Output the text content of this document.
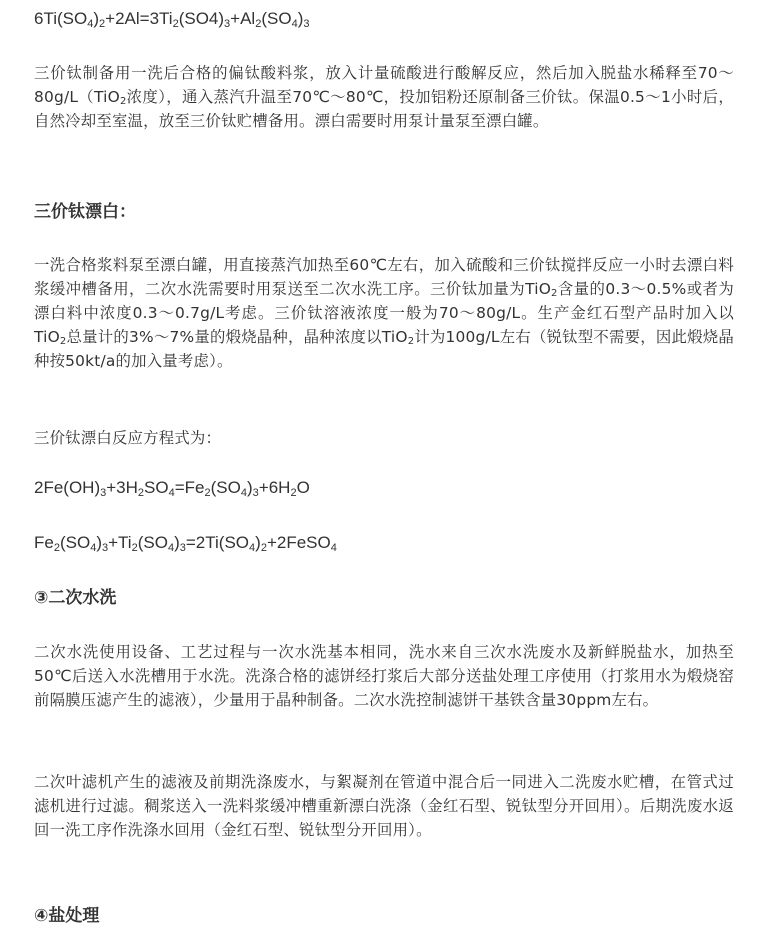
$6Ti(SO_4)_2+2Al=3Ti_2(SO4)_3+Al_2(SO_4)_3$

三价钛制备用一洗后合格的偏钛酸料浆，放入计量硫酸进行酸解反应，然后加入脱盐水稀释至70～80g/L（TiO$_2$浓度），通入蒸汽升温至70℃～80℃，投加铝粉还原制备三价钛。保温0.5～1小时后，自然冷却至室温，放至三价钛贮槽备用。漂白需要时用泵计量泵至漂白罐。

三价钛漂白：

一洗合格浆料泵至漂白罐，用直接蒸汽加热至60℃左右，加入硫酸和三价钛搅拌反应一小时去漂白料浆缓冲槽备用，二次水洗需要时用泵送至二次水洗工序。三价钛加量为TiO$_2$含量的0.3～0.5%或者为漂白料中浓度0.3～0.7g/L考虑。三价钛溶液浓度一般为70～80g/L。生产金红石型产品时加入以TiO$_2$总量计的3%～7%量的煅烧晶种，晶种浓度以TiO$_2$计为100g/L左右（锐钛型不需要，因此煅烧晶种按50kt/a的加入量考虑）。

三价钛漂白反应方程式为：

$2Fe(OH)_3+3H_2SO_4=Fe_2(SO_4)_3+6H_2O$

$Fe_2(SO_4)_3+Ti_2(SO_4)_3=2Ti(SO_4)_2+2FeSO_4$

③二次水洗

二次水洗使用设备、工艺过程与一次水洗基本相同，洗水来自三次水洗废水及新鲜脱盐水，加热至50℃后送入水洗槽用于水洗。洗涤合格的滤饼经打浆后大部分送盐处理工序使用（打浆用水为煅烧窑前隔膜压滤产生的滤液），少量用于晶种制备。二次水洗控制滤饼干基铁含量30ppm左右。

二次叶滤机产生的滤液及前期洗涤废水，与絮凝剂在管道中混合后一同进入二洗废水贮槽，在管式过滤机进行过滤。稠浆送入一洗料浆缓冲槽重新漂白洗涤（金红石型、锐钛型分开回用）。后期洗废水返回一洗工序作洗涤水回用（金红石型、锐钛型分开回用）。

④盐处理
